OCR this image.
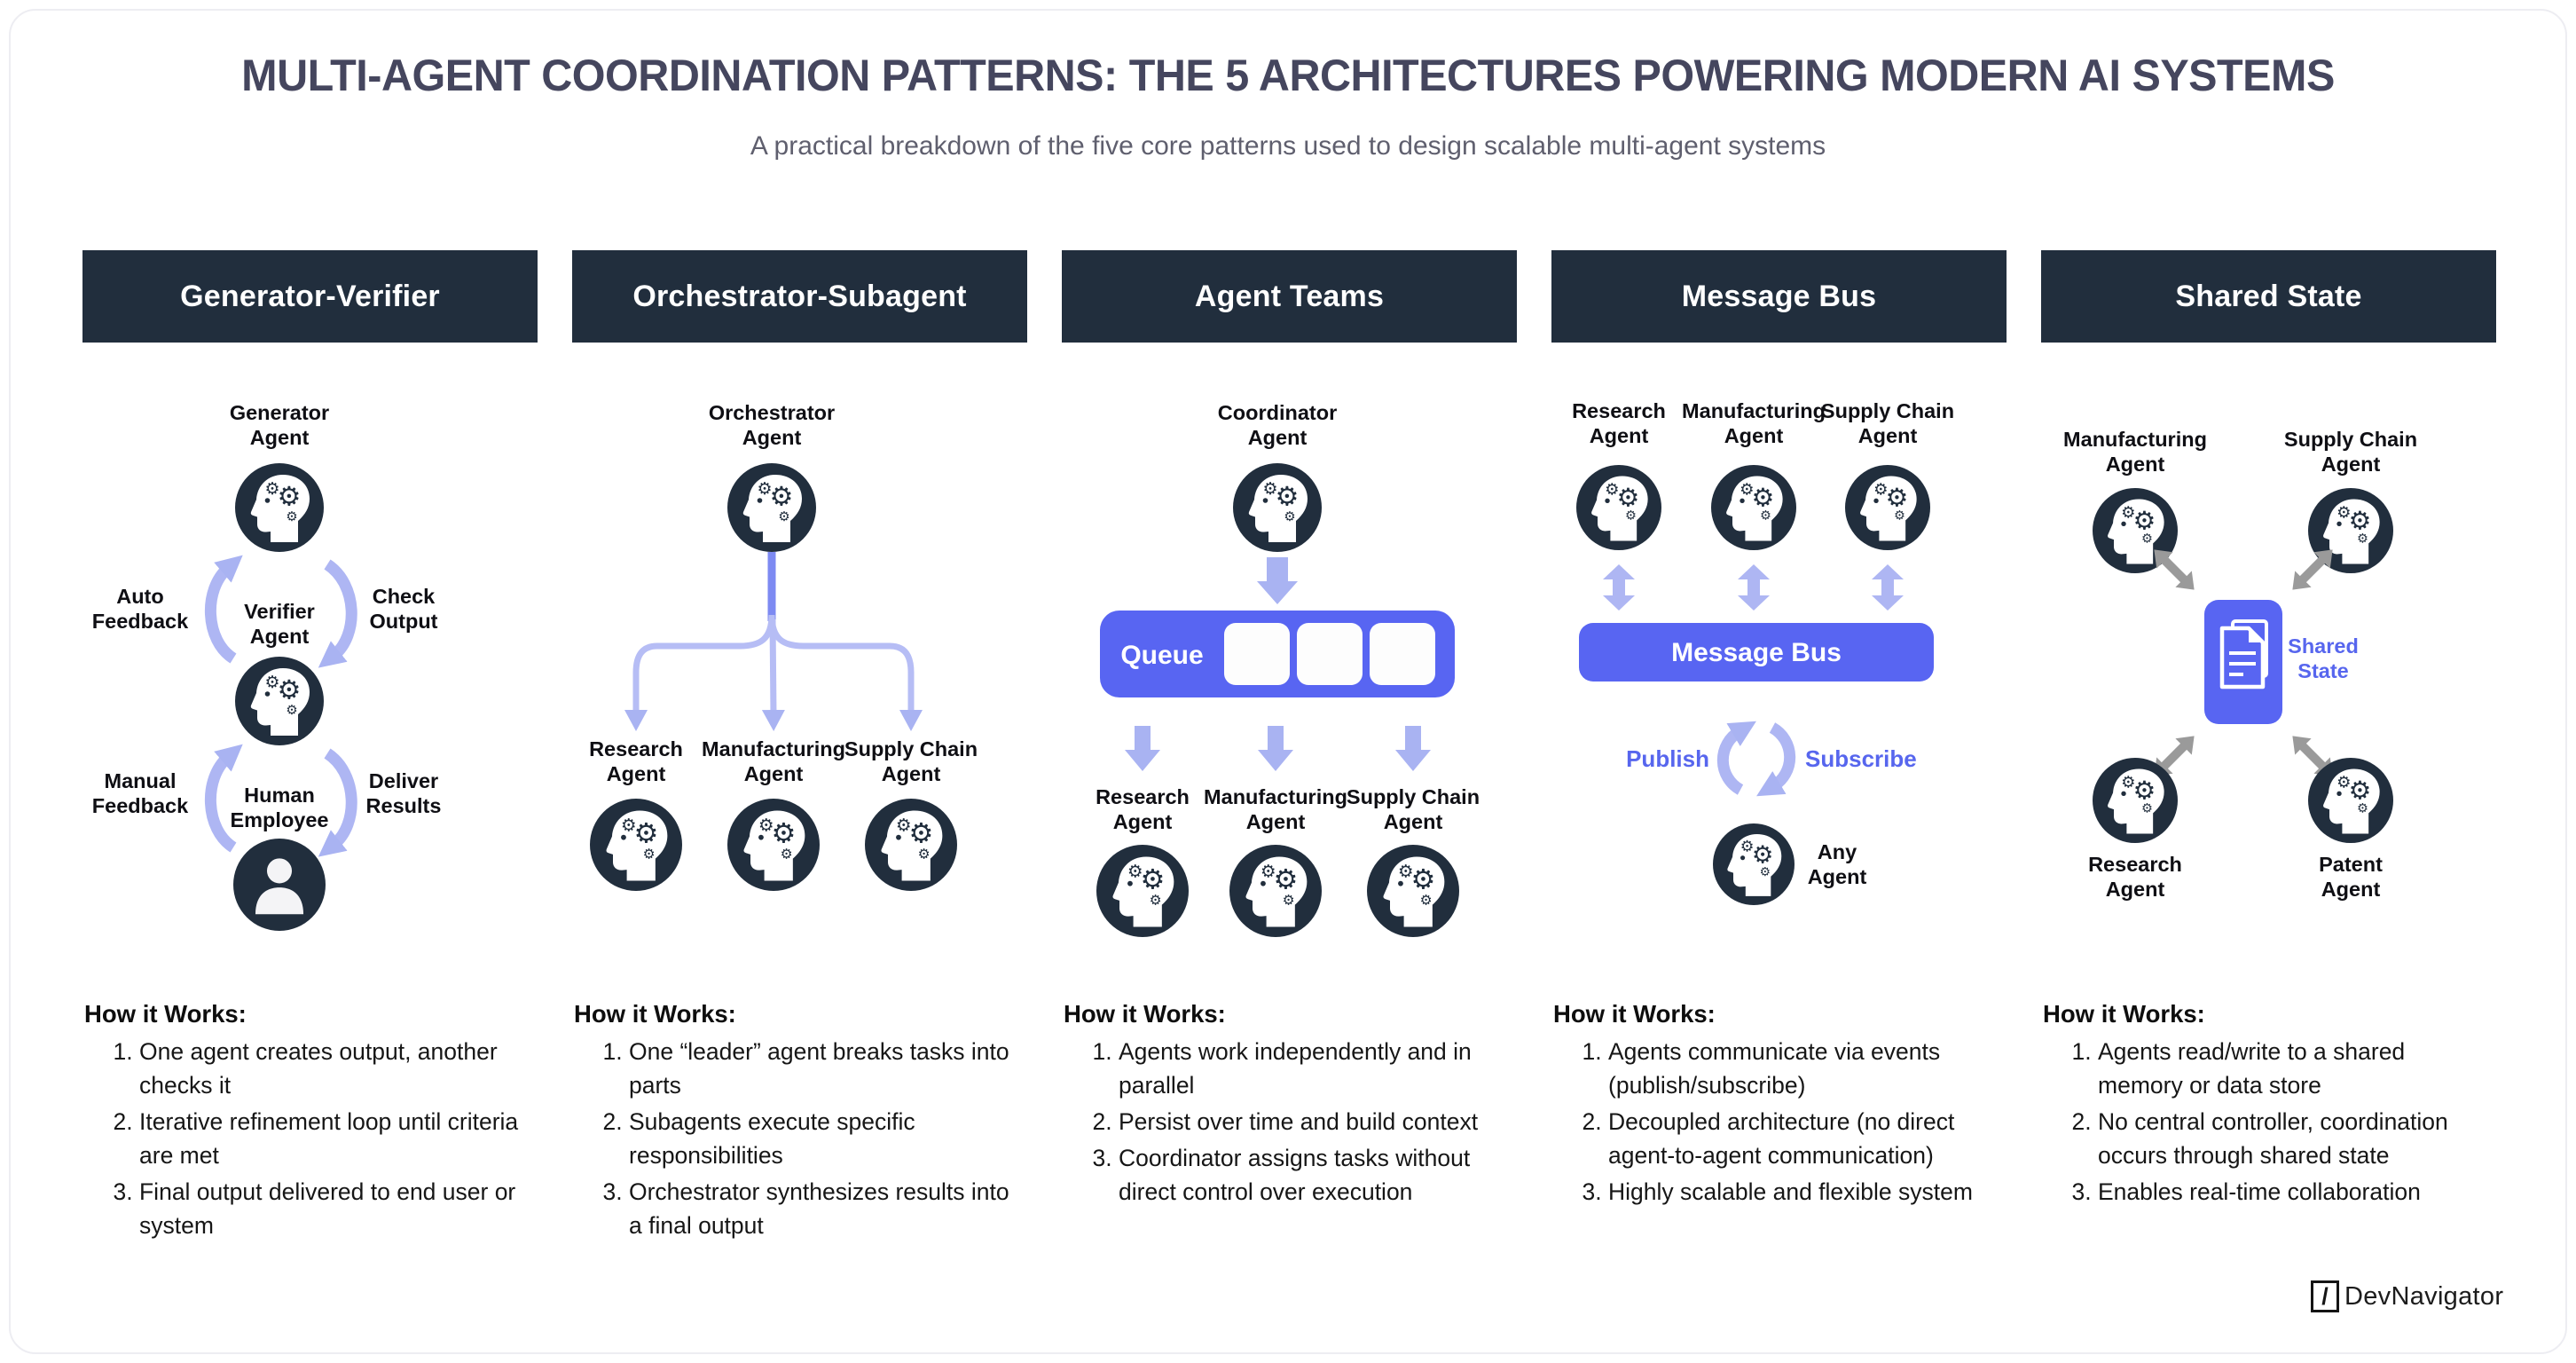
MULTI-AGENT COORDINATION PATTERNS: THE 5 ARCHITECTURES POWERING MODERN AI SYSTEMS
A practical breakdown of the five core patterns used to design scalable multi-agent systems
Generator-Verifier
Generator
Agent
Auto
Feedback
Check
Output
Verifier
Agent
Manual
Feedback
Deliver
Results
Human
Employee
How it Works:
1. One agent creates output, another checks it
2. Iterative refinement loop until criteria are met
3. Final output delivered to end user or system
Orchestrator-Subagent
Orchestrator
Agent
Research
Agent
Manufacturing
Agent
Supply Chain
Agent
How it Works:
1. One “leader” agent breaks tasks into parts
2. Subagents execute specific responsibilities
3. Orchestrator synthesizes results into a final output
Agent Teams
Coordinator
Agent
Queue
Research
Agent
Manufacturing
Agent
Supply Chain
Agent
How it Works:
1. Agents work independently and in parallel
2. Persist over time and build context
3. Coordinator assigns tasks without direct control over execution
Message Bus
Research
Agent
Manufacturing
Agent
Supply Chain
Agent
Message Bus
Publish	Subscribe
Any
Agent
How it Works:
1. Agents communicate via events (publish/subscribe)
2. Decoupled architecture (no direct agent-to-agent communication)
3. Highly scalable and flexible system
Shared State
Manufacturing
Agent
Supply Chain
Agent
Shared
State
Research
Agent
Patent
Agent
How it Works:
1. Agents read/write to a shared memory or data store
2. No central controller, coordination occurs through shared state
3. Enables real-time collaboration
/ DevNavigator
